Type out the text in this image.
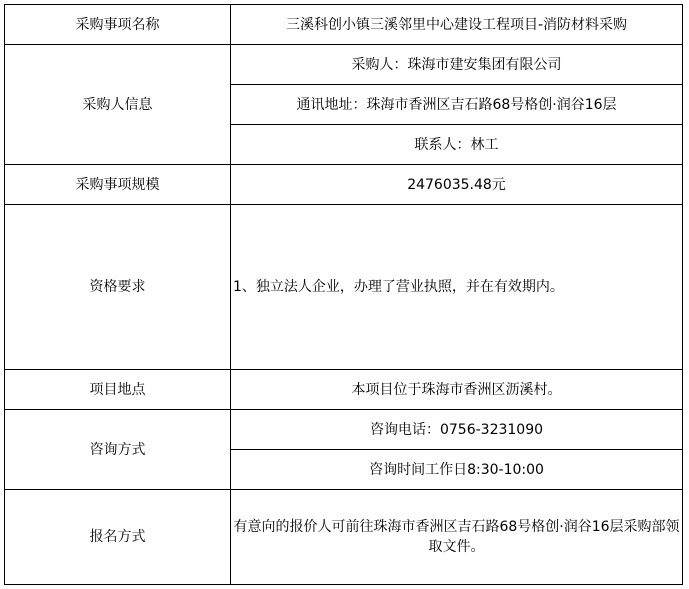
采购事项名称	三溪科创小镇三溪邻里中心建设工程项目-消防材料采购
采购人信息	采购人：珠海市建安集团有限公司
	通讯地址：珠海市香洲区吉石路68号格创·润谷16层
	联系人：林工
采购事项规模	2476035.48元
资格要求	1、独立法人企业，办理了营业执照，并在有效期内。
项目地点	本项目位于珠海市香洲区沥溪村。
咨询方式	咨询电话：0756-3231090
	咨询时间工作日8:30-10:00
报名方式	有意向的报价人可前往珠海市香洲区吉石路68号格创·润谷16层采购部领取文件。
